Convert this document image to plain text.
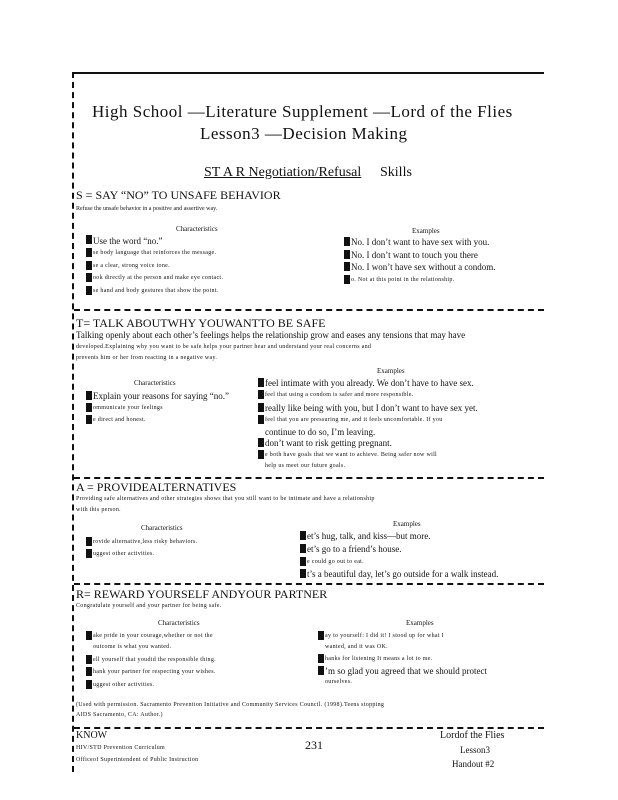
High School —Literature Supplement —Lord of the Flies
Lesson3 —Decision Making
ST A R Negotiation/Refusal Skills
S = SAY “NO” TO UNSAFE BEHAVIOR
Refuse the unsafe behavior in a positive and assertive way.
Characteristics	Examples
Use the word “no.”
se body language that reinforces the message.
se a clear, strong voice tone.
ook directly at the person and make eye contact.
se hand and body gestures that show the point.
No. I don’t want to have sex with you.
No. I don’t want to touch you there
No. I won’t have sex without a condom.
o. Not at this point in the relationship.
T= TALK ABOUTWHY YOUWANTTO BE SAFE
Talking openly about each other’s feelings helps the relationship grow and eases any tensions that may have
developed.Explaining why you want to be safe helps your partner hear and understand your real concerns and
prevents him or her from reacting in a negative way.
Characteristics
Examples
Explain your reasons for saying “no.”
ommunicate your feelings
e direct and honest.
feel intimate with you already. We don’t have to have sex.
feel that using a condom is safer and more responsible.
really like being with you, but I don’t want to have sex yet.
feel that you are pressuring me, and it feels uncomfortable. If you
continue to do so, I’m leaving.
don’t want to risk getting pregnant.
e both have goals that we want to achieve. Being safer now will
help us meet our future goals.
A = PROVIDEALTERNATIVES
Providing safe alternatives and other strategies shows that you still want to be intimate and have a relationship
with this person.
Characteristics	Examples
rovide alternative,less risky behaviors.
uggest other activities.
et’s hug, talk, and kiss—but more.
et’s go to a friend’s house.
e could go out to eat.
t’s a beautiful day, let’s go outside for a walk instead.
R= REWARD YOURSELF ANDYOUR PARTNER
Congratulate yourself and your partner for being safe.
Characteristics	Examples
ake pride in your courage,whether or not the
outcome is what you wanted.
ell yourself that youdid the responsible thing.
hank your partner for respecting your wishes.
uggest other activities.
ay to yourself: I did it! I stood up for what I
wanted, and it was OK.
hanks for listening It means a lot to me.
’m so glad you agreed that we should protect
ourselves.
(Used with permission. Sacramento Prevention Initiative and Community Services Council. (1998).Teens stopping
AIDS Sacramento, CA: Author.)
KNOW
HIV/STD Prevention Curriculum
Officeof Superintendent of Public Instruction
231
Lordof the Flies
Lesson3
Handout #2
